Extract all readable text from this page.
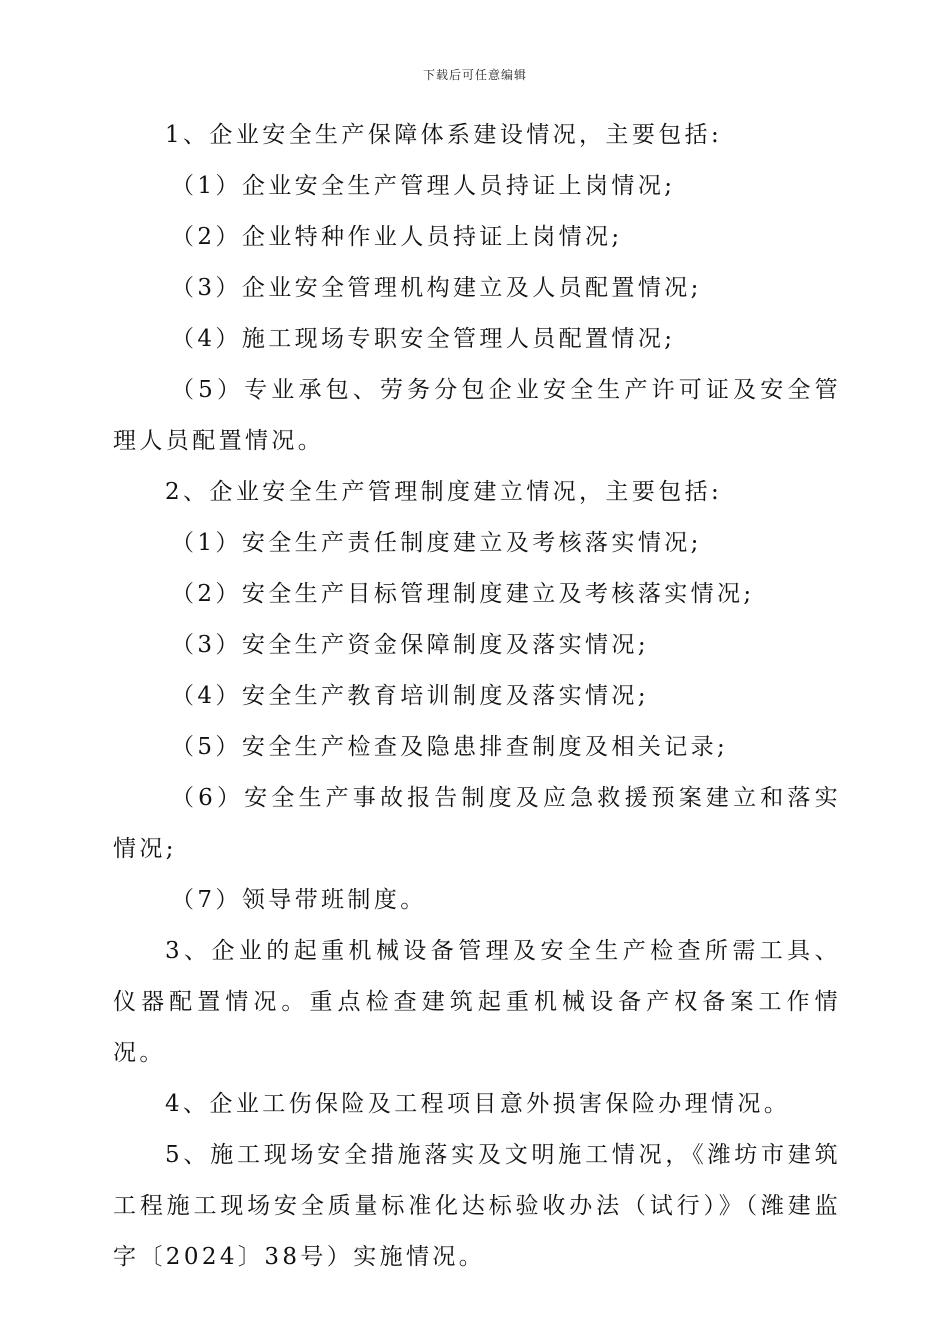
下载后可任意编辑

1、企业安全生产保障体系建设情况，主要包括:

（1）企业安全生产管理人员持证上岗情况;

（2）企业特种作业人员持证上岗情况;

（3）企业安全管理机构建立及人员配置情况;

（4）施工现场专职安全管理人员配置情况;

（5）专业承包、劳务分包企业安全生产许可证及安全管理人员配置情况。

2、企业安全生产管理制度建立情况，主要包括:

（1）安全生产责任制度建立及考核落实情况;

（2）安全生产目标管理制度建立及考核落实情况;

（3）安全生产资金保障制度及落实情况;

（4）安全生产教育培训制度及落实情况;

（5）安全生产检查及隐患排查制度及相关记录;

（6）安全生产事故报告制度及应急救援预案建立和落实情况;

（7）领导带班制度。

3、企业的起重机械设备管理及安全生产检查所需工具、仪器配置情况。重点检查建筑起重机械设备产权备案工作情况。

4、企业工伤保险及工程项目意外损害保险办理情况。

5、施工现场安全措施落实及文明施工情况，《潍坊市建筑工程施工现场安全质量标准化达标验收办法（试行）》（潍建监字〔2024〕38号）实施情况。
